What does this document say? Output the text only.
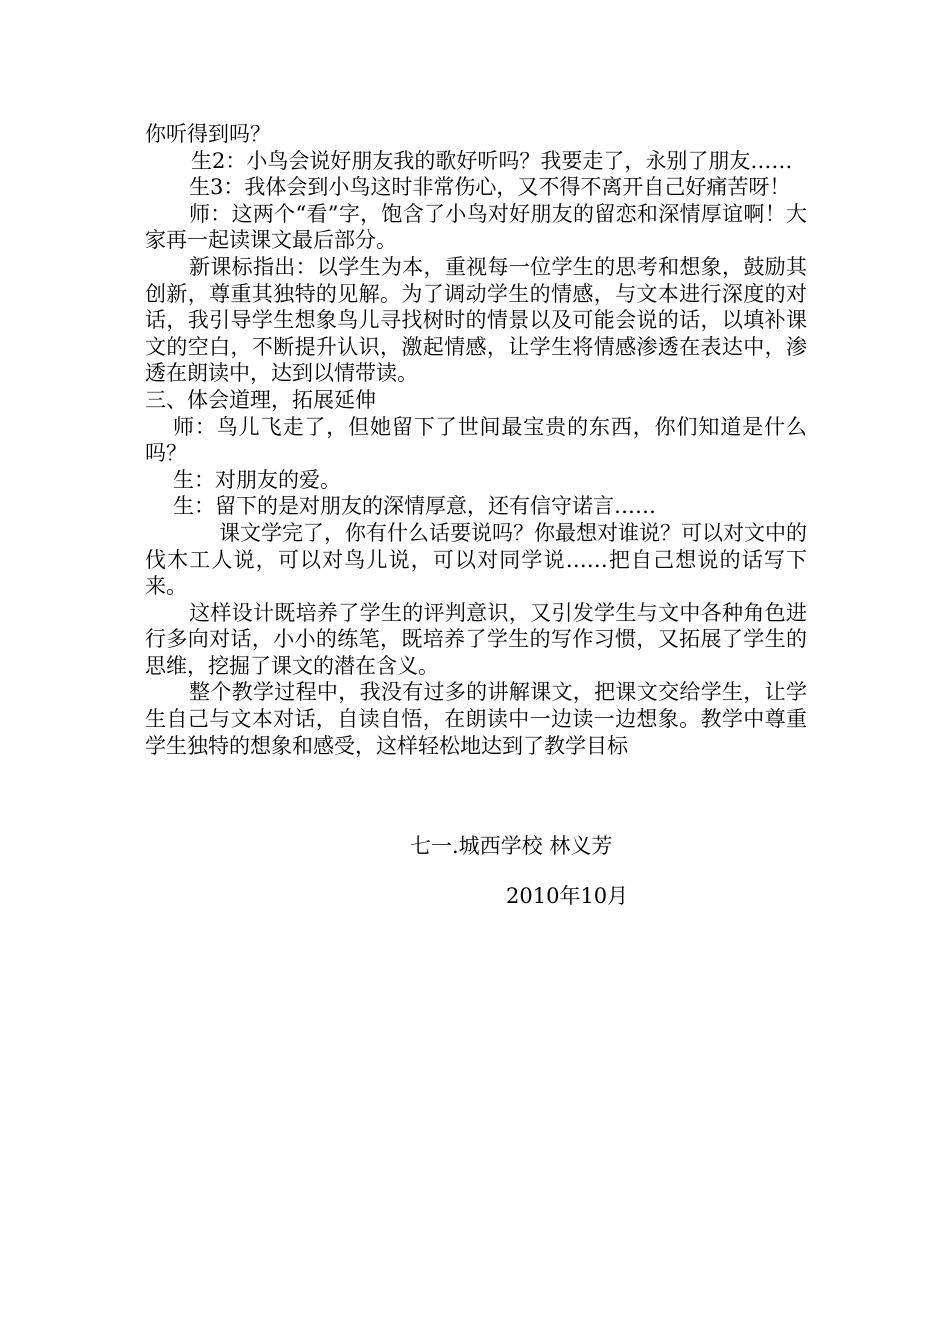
你听得到吗？

生2：小鸟会说好朋友我的歌好听吗？我要走了，永别了朋友……

生3：我体会到小鸟这时非常伤心，又不得不离开自己好痛苦呀！

师：这两个“看”字，饱含了小鸟对好朋友的留恋和深情厚谊啊！大家再一起读课文最后部分。

新课标指出：以学生为本，重视每一位学生的思考和想象，鼓励其创新，尊重其独特的见解。为了调动学生的情感，与文本进行深度的对话，我引导学生想象鸟儿寻找树时的情景以及可能会说的话，以填补课文的空白，不断提升认识，激起情感，让学生将情感渗透在表达中，渗透在朗读中，达到以情带读。

三、体会道理，拓展延伸

师：鸟儿飞走了，但她留下了世间最宝贵的东西，你们知道是什么吗？

生：对朋友的爱。

生：留下的是对朋友的深情厚意，还有信守诺言……

课文学完了，你有什么话要说吗？你最想对谁说？可以对文中的伐木工人说，可以对鸟儿说，可以对同学说……把自己想说的话写下来。

这样设计既培养了学生的评判意识，又引发学生与文中各种角色进行多向对话，小小的练笔，既培养了学生的写作习惯，又拓展了学生的思维，挖掘了课文的潜在含义。

整个教学过程中，我没有过多的讲解课文，把课文交给学生，让学生自己与文本对话，自读自悟，在朗读中一边读一边想象。教学中尊重学生独特的想象和感受，这样轻松地达到了教学目标

七一.城西学校 林义芳
2010年10月
